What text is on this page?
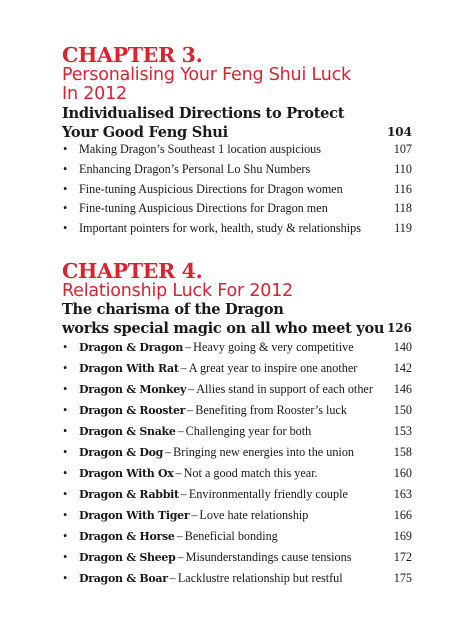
CHAPTER 3.
Personalising Your Feng Shui Luck
In 2012
Individualised Directions to Protect
Your Good Feng Shui	104
• Making Dragon’s Southeast 1 location auspicious	107
• Enhancing Dragon’s Personal Lo Shu Numbers	110
• Fine-tuning Auspicious Directions for Dragon women	116
• Fine-tuning Auspicious Directions for Dragon men	118
• Important pointers for work, health, study & relationships	119
CHAPTER 4.
Relationship Luck For 2012
The charisma of the Dragon
works special magic on all who meet you 126
• Dragon & Dragon – Heavy going & very competitive	140
• Dragon With Rat – A great year to inspire one another	142
• Dragon & Monkey – Allies stand in support of each other 146
• Dragon & Rooster – Benefiting from Rooster’s luck	150
• Dragon & Snake – Challenging year for both	153
• Dragon & Dog – Bringing new energies into the union	158
• Dragon With Ox – Not a good match this year.	160
• Dragon & Rabbit – Environmentally friendly couple	163
• Dragon With Tiger – Love hate relationship	166
• Dragon & Horse – Beneficial bonding	169
• Dragon & Sheep – Misunderstandings cause tensions	172
• Dragon & Boar – Lacklustre relationship but restful	175
